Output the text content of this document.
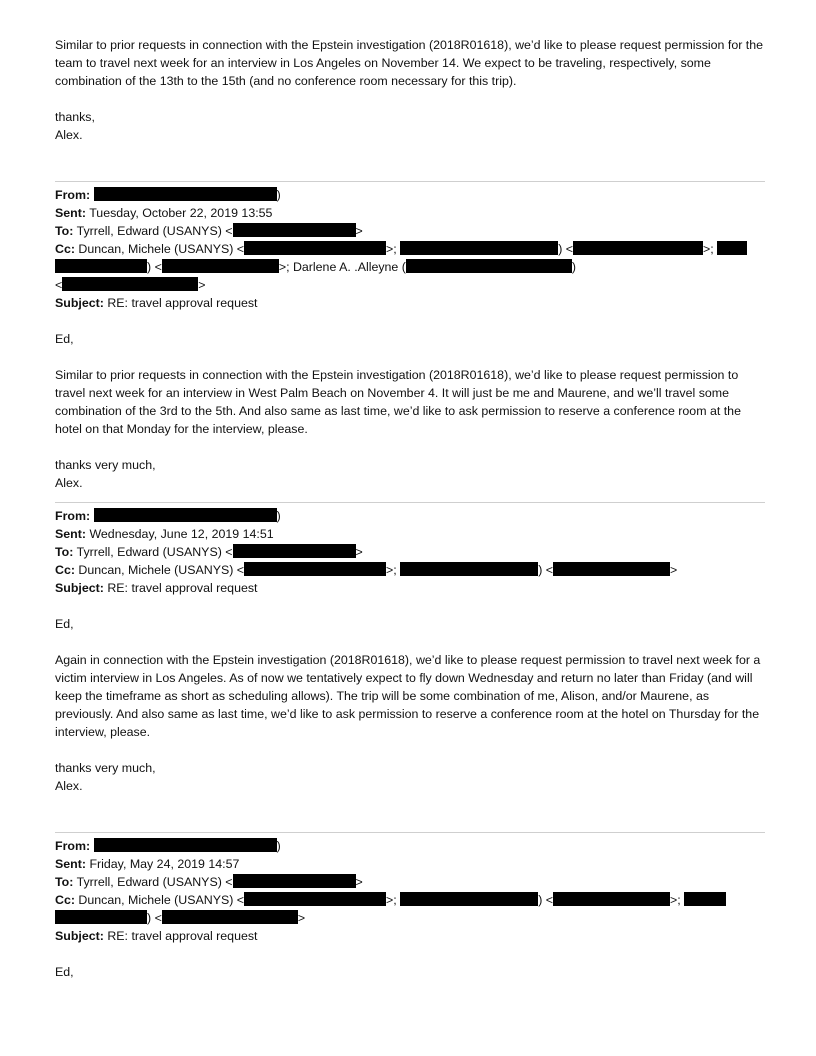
Similar to prior requests in connection with the Epstein investigation (2018R01618), we’d like to please request permission for the team to travel next week for an interview in Los Angeles on November 14. We expect to be traveling, respectively, some combination of the 13th to the 15th (and no conference room necessary for this trip).

thanks,

Alex.

From:	)
Sent: Tuesday, October 22, 2019 13:55
To: Tyrrell, Edward (USANYS) <	>
Cc: Duncan, Michele (USANYS) <	>;	) <	>;
) <	>; Darlene A. .Alleyne (	)
<	>
Subject: RE: travel approval request

Ed,

Similar to prior requests in connection with the Epstein investigation (2018R01618), we’d like to please request permission to travel next week for an interview in West Palm Beach on November 4. It will just be me and Maurene, and we’ll travel some combination of the 3rd to the 5th. And also same as last time, we’d like to ask permission to reserve a conference room at the hotel on that Monday for the interview, please.

thanks very much,

Alex.

From:	)
Sent: Wednesday, June 12, 2019 14:51
To: Tyrrell, Edward (USANYS) <	>
Cc: Duncan, Michele (USANYS) <	>;	) <	>
Subject: RE: travel approval request

Ed,

Again in connection with the Epstein investigation (2018R01618), we’d like to please request permission to travel next week for a victim interview in Los Angeles. As of now we tentatively expect to fly down Wednesday and return no later than Friday (and will keep the timeframe as short as scheduling allows). The trip will be some combination of me, Alison, and/or Maurene, as previously. And also same as last time, we’d like to ask permission to reserve a conference room at the hotel on Thursday for the interview, please.

thanks very much,

Alex.

From:	)
Sent: Friday, May 24, 2019 14:57
To: Tyrrell, Edward (USANYS) <	>
Cc: Duncan, Michele (USANYS) <	>;	) <	>;
) <	>
Subject: RE: travel approval request

Ed,
